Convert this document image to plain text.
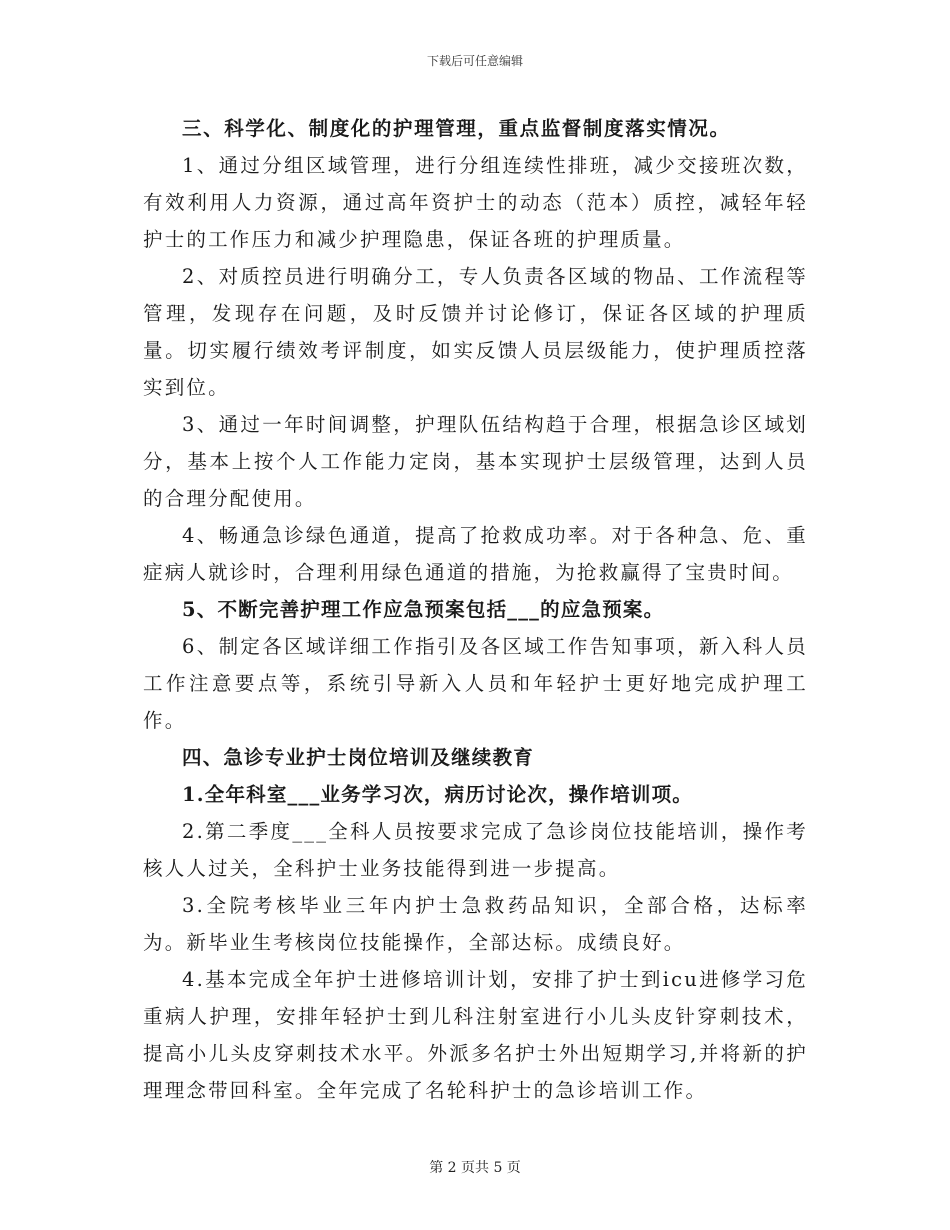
下载后可任意编辑

三、科学化、制度化的护理管理，重点监督制度落实情况。

1、通过分组区域管理，进行分组连续性排班，减少交接班次数，有效利用人力资源，通过高年资护士的动态（范本）质控，减轻年轻护士的工作压力和减少护理隐患，保证各班的护理质量。

2、对质控员进行明确分工，专人负责各区域的物品、工作流程等管理，发现存在问题，及时反馈并讨论修订，保证各区域的护理质量。切实履行绩效考评制度，如实反馈人员层级能力，使护理质控落实到位。

3、通过一年时间调整，护理队伍结构趋于合理，根据急诊区域划分，基本上按个人工作能力定岗，基本实现护士层级管理，达到人员的合理分配使用。

4、畅通急诊绿色通道，提高了抢救成功率。对于各种急、危、重症病人就诊时，合理利用绿色通道的措施，为抢救赢得了宝贵时间。

5、不断完善护理工作应急预案包括___的应急预案。

6、制定各区域详细工作指引及各区域工作告知事项，新入科人员工作注意要点等，系统引导新入人员和年轻护士更好地完成护理工作。

四、急诊专业护士岗位培训及继续教育

1.全年科室___业务学习次，病历讨论次，操作培训项。

2.第二季度___全科人员按要求完成了急诊岗位技能培训，操作考核人人过关，全科护士业务技能得到进一步提高。

3.全院考核毕业三年内护士急救药品知识，全部合格，达标率为。新毕业生考核岗位技能操作，全部达标。成绩良好。

4.基本完成全年护士进修培训计划，安排了护士到icu进修学习危重病人护理，安排年轻护士到儿科注射室进行小儿头皮针穿刺技术，提高小儿头皮穿刺技术水平。外派多名护士外出短期学习,并将新的护理理念带回科室。全年完成了名轮科护士的急诊培训工作。

第 2 页共 5 页
